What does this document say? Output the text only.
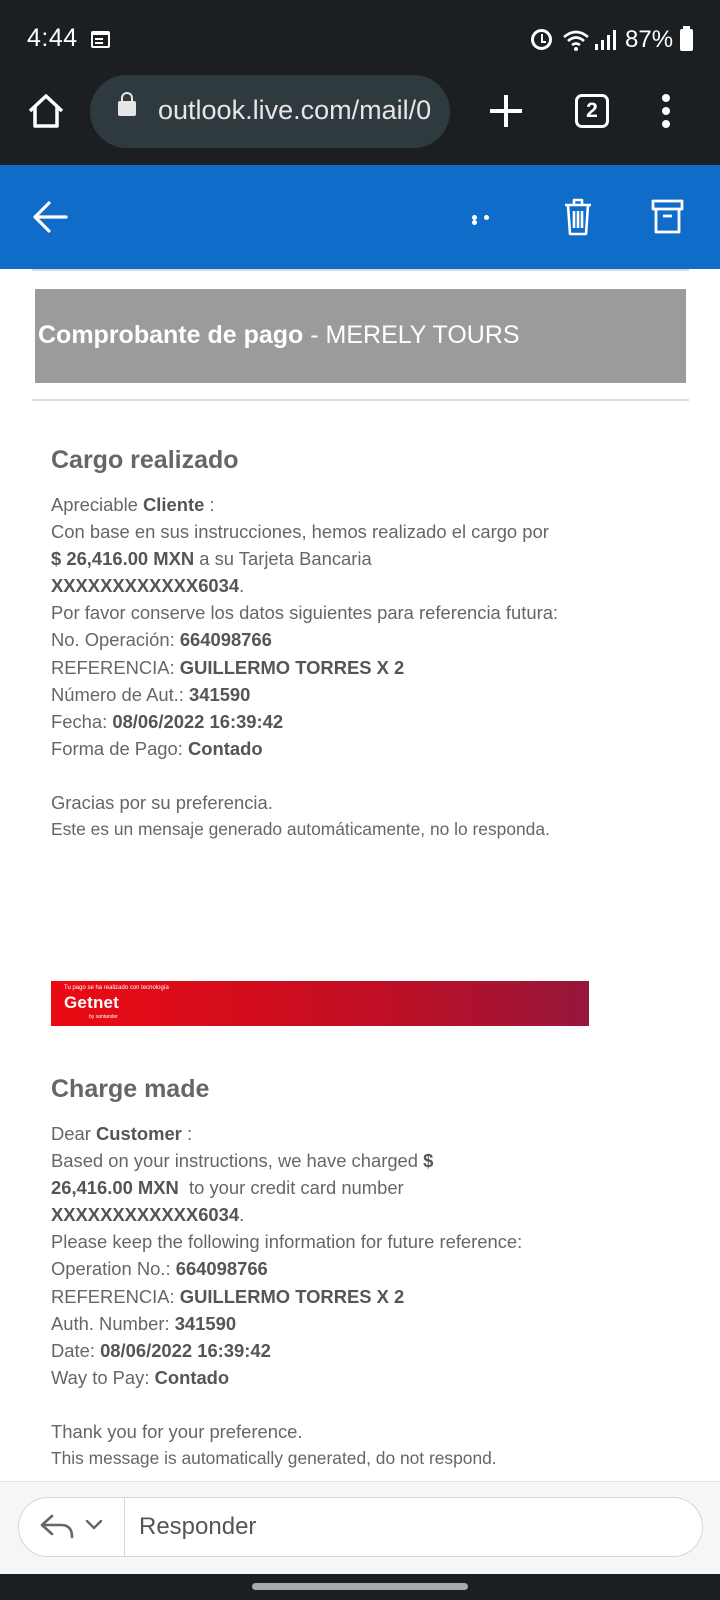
4:44	87%
outlook.live.com/mail/0	2
Comprobante de pago - MERELY TOURS
Cargo realizado
Apreciable Cliente :
Con base en sus instrucciones, hemos realizado el cargo por
$ 26,416.00 MXN a su Tarjeta Bancaria
XXXXXXXXXXXX6034.
Por favor conserve los datos siguientes para referencia futura:
No. Operación: 664098766
REFERENCIA: GUILLERMO TORRES X 2
Número de Aut.: 341590
Fecha: 08/06/2022 16:39:42
Forma de Pago: Contado
Gracias por su preferencia.
Este es un mensaje generado automáticamente, no lo responda.
Tu pago se ha realizado con tecnología
Getnet
by santander
Charge made
Dear Customer :
Based on your instructions, we have charged $
26,416.00 MXN  to your credit card number
XXXXXXXXXXXX6034.
Please keep the following information for future reference:
Operation No.: 664098766
REFERENCIA: GUILLERMO TORRES X 2
Auth. Number: 341590
Date: 08/06/2022 16:39:42
Way to Pay: Contado
Thank you for your preference.
This message is automatically generated, do not respond.
Responder
